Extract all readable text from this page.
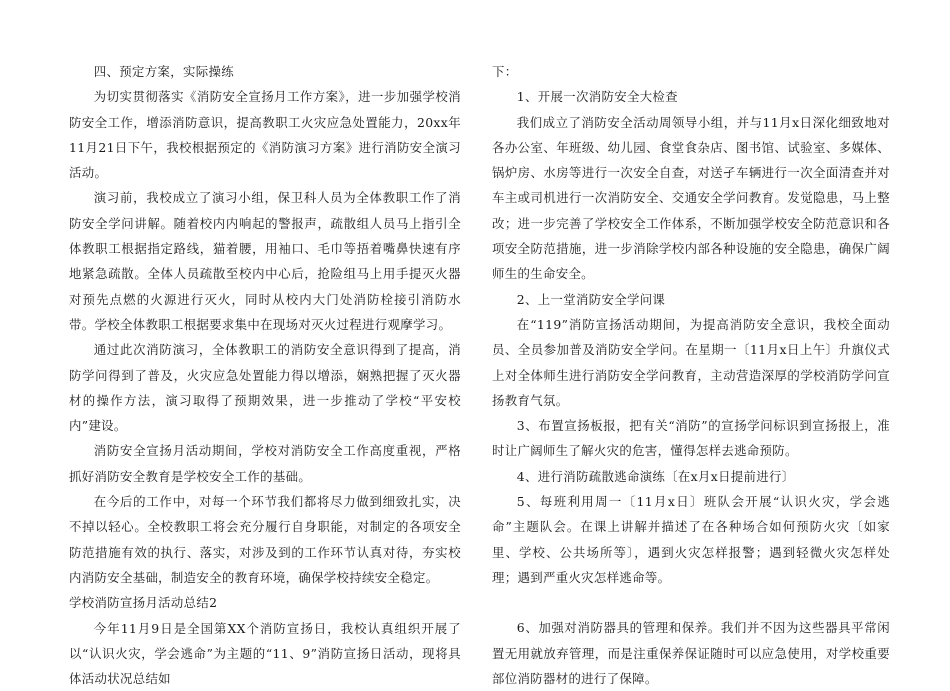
四、预定方案，实际操练

为切实贯彻落实《消防安全宣扬月工作方案》，进一步加强学校消防安全工作，增添消防意识，提高教职工火灾应急处置能力，20xx年11月21日下午，我校根据预定的《消防演习方案》进行消防安全演习活动。

演习前，我校成立了演习小组，保卫科人员为全体教职工作了消防安全学问讲解。随着校内内响起的警报声，疏散组人员马上指引全体教职工根据指定路线，猫着腰，用袖口、毛巾等捂着嘴鼻快速有序地紧急疏散。全体人员疏散至校内中心后，抢险组马上用手提灭火器对预先点燃的火源进行灭火，同时从校内大门处消防栓接引消防水带。学校全体教职工根据要求集中在现场对灭火过程进行观摩学习。

通过此次消防演习，全体教职工的消防安全意识得到了提高，消防学问得到了普及，火灾应急处置能力得以增添，娴熟把握了灭火器材的操作方法，演习取得了预期效果，进一步推动了学校“平安校内”建设。

消防安全宣扬月活动期间，学校对消防安全工作高度重视，严格抓好消防安全教育是学校安全工作的基础。

在今后的工作中，对每一个环节我们都将尽力做到细致扎实，决不掉以轻心。全校教职工将会充分履行自身职能，对制定的各项安全防范措施有效的执行、落实，对涉及到的工作环节认真对待，夯实校内消防安全基础，制造安全的教育环境，确保学校持续安全稳定。

学校消防宣扬月活动总结2

今年11月9日是全国第XX个消防宣扬日，我校认真组织开展了以“认识火灾，学会逃命”为主题的“11、9”消防宣扬日活动，现将具体活动状况总结如

下：

1、开展一次消防安全大检查

我们成立了消防安全活动周领导小组，并与11月x日深化细致地对各办公室、年班级、幼儿园、食堂食杂店、图书馆、试验室、多媒体、锅炉房、水房等进行一次安全自查，对送孑车辆进行一次全面清查并对车主或司机进行一次消防安全、交通安全学问教育。发觉隐患，马上整改；进一步完善了学校安全工作体系，不断加强学校安全防范意识和各项安全防范措施，进一步消除学校内部各种设施的安全隐患，确保广阔师生的生命安全。

2、上一堂消防安全学问课

在“119”消防宣扬活动期间，为提高消防安全意识，我校全面动员、全员参加普及消防安全学问。在星期一〔11月x日上午〕升旗仪式上对全体师生进行消防安全学问教育，主动营造深厚的学校消防学问宣扬教育气氛。

3、布置宣扬板报，把有关“消防”的宣扬学问标识到宣扬报上，准时让广阔师生了解火灾的危害，懂得怎样去逃命预防。

4、进行消防疏散逃命演练〔在x月x日提前进行〕

5、每班利用周一〔11月x日〕班队会开展“认识火灾，学会逃命”主题队会。在课上讲解并描述了在各种场合如何预防火灾〔如家里、学校、公共场所等〕，遇到火灾怎样报警；遇到轻微火灾怎样处理；遇到严重火灾怎样逃命等。

6、加强对消防器具的管理和保养。我们并不因为这些器具平常闲置无用就放弃管理，而是注重保养保证随时可以应急使用，对学校重要部位消防器材的进行了保障。
